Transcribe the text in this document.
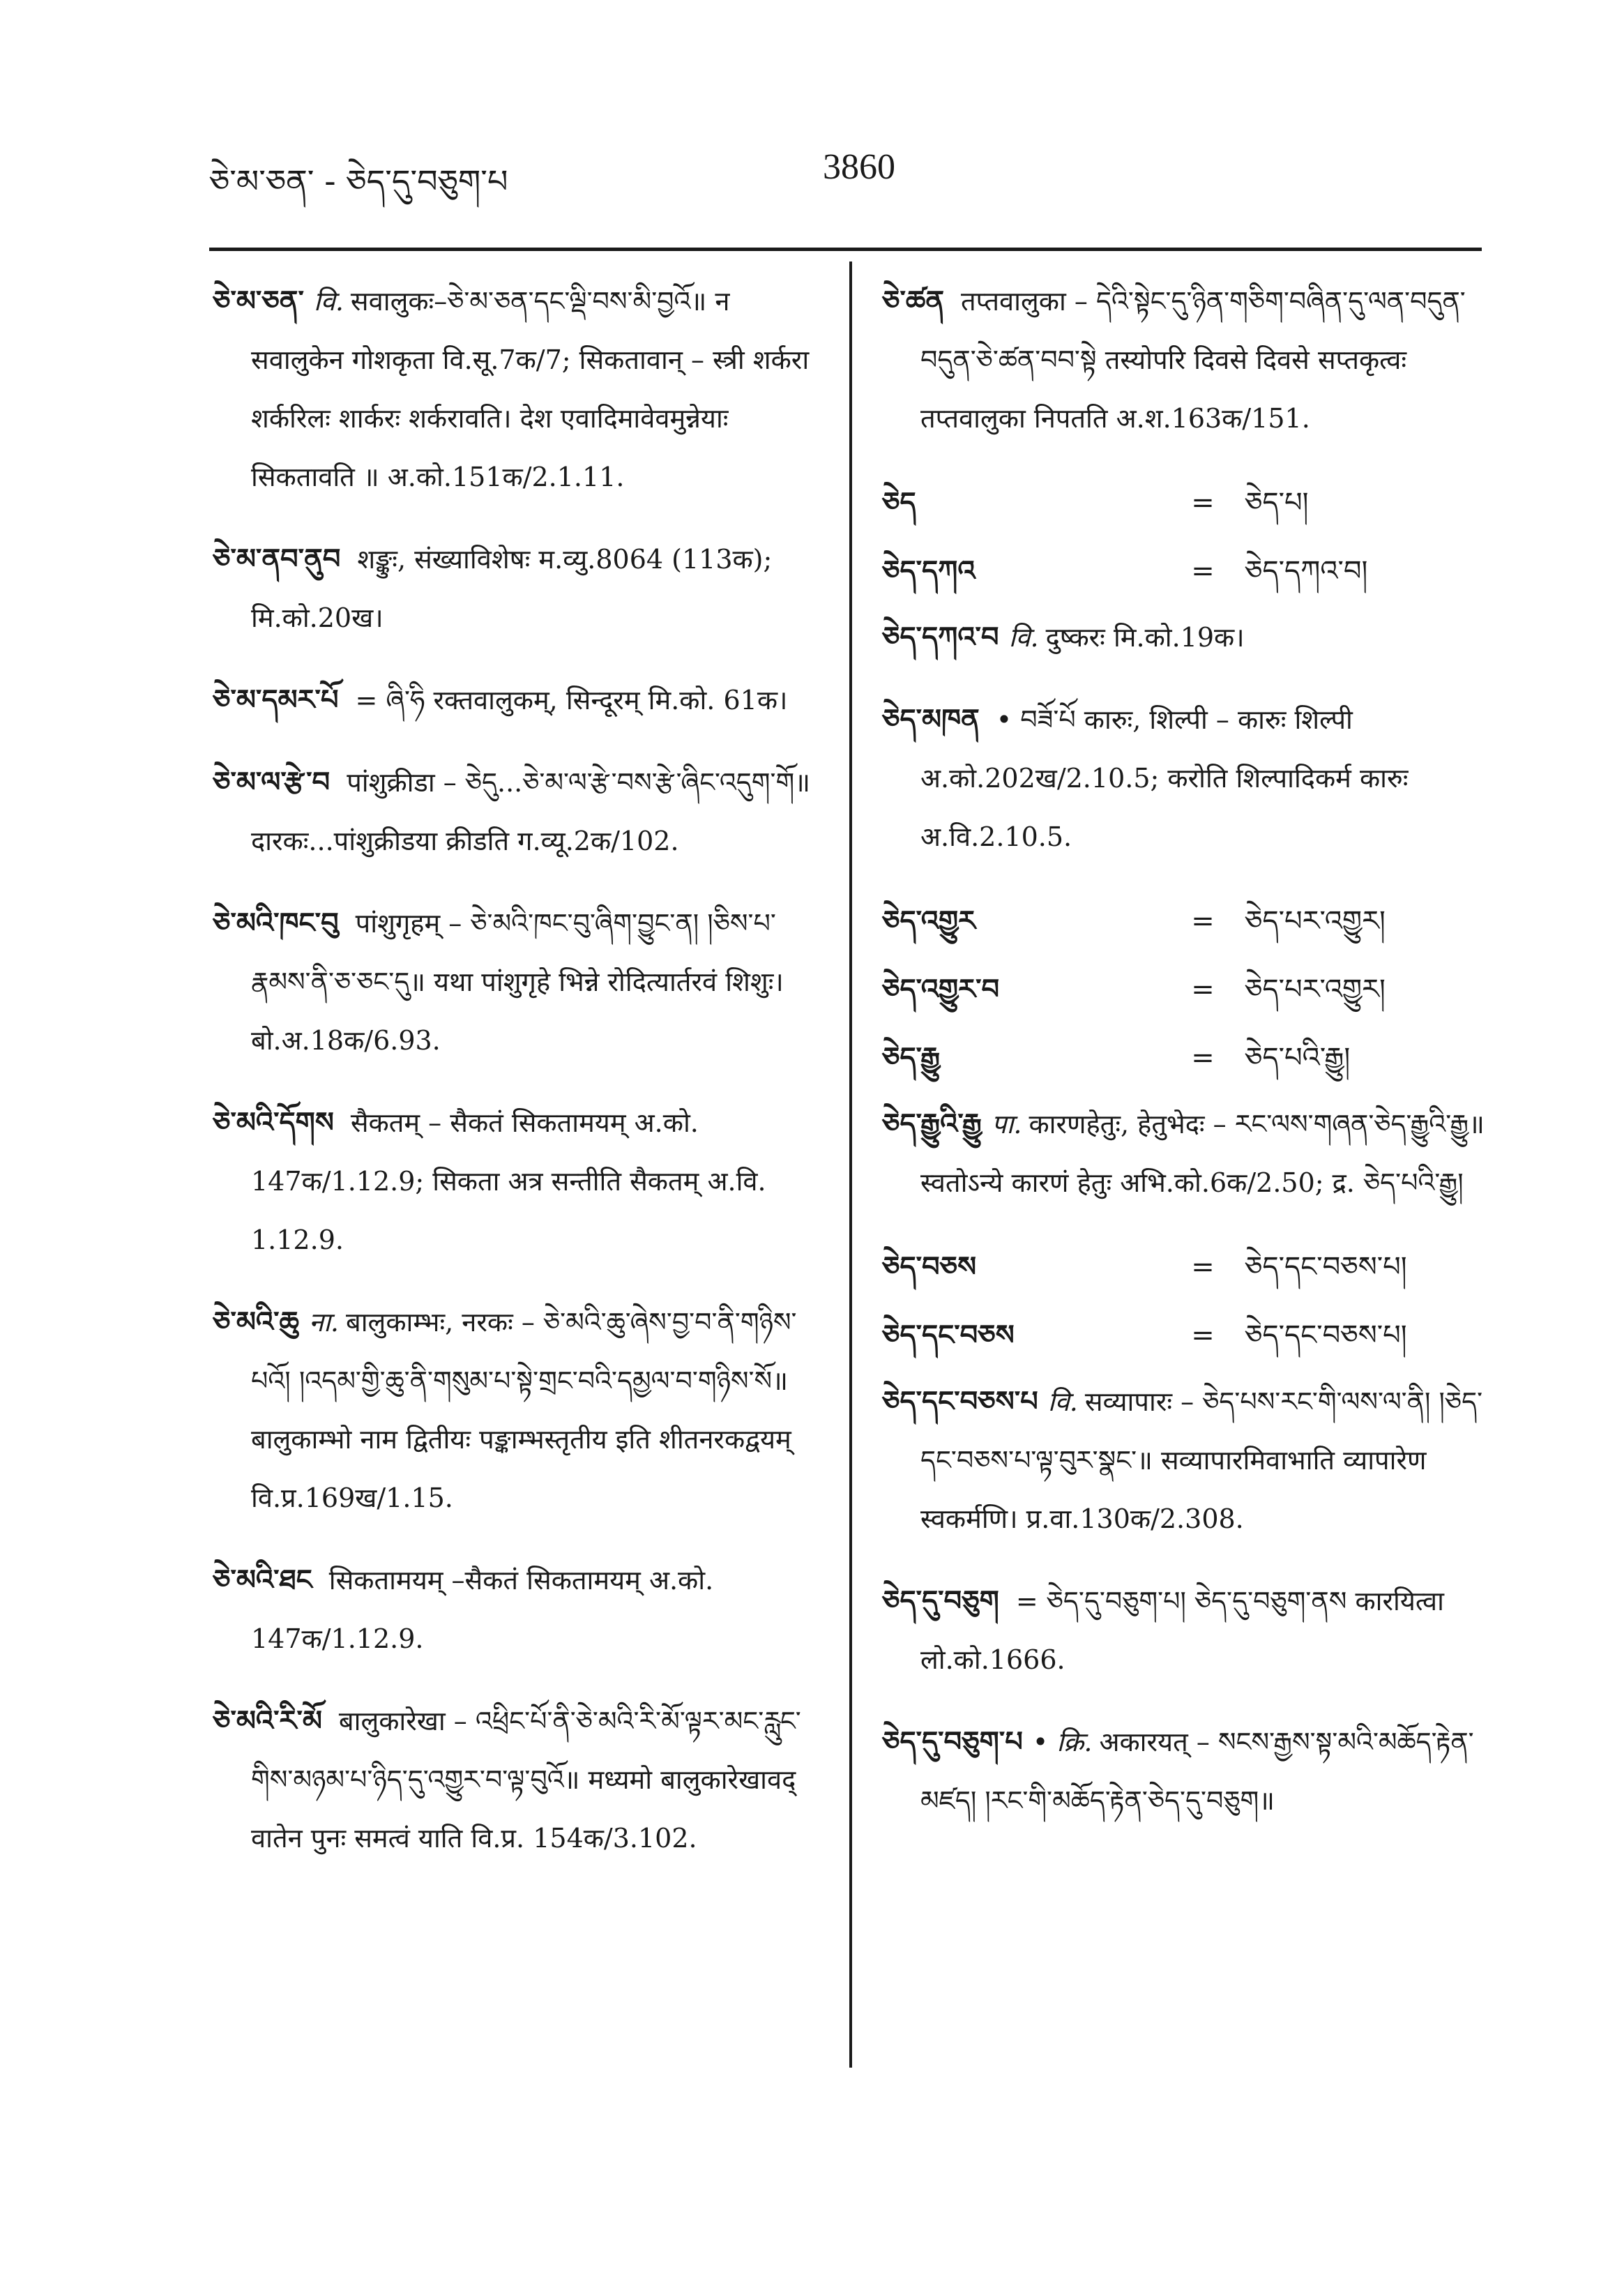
ཅེ་མ་ཅན་ - ཅེད་དུ་བཅུག་པ	3860
ཅེ་མ་ཅན་ वि. सवालुकः–ཅེ་མ་ཅན་དང་ལྡི་བས་མི་བྱའོ॥ न सवालुकेन गोशकृता वि.सू.7क/7; सिकतावान् – स्त्री शर्करा शर्करिलः शार्करः शर्करावति। देश एवादिमावेवमुन्नेयाः सिकतावति ॥ अ.को.151क/2.1.11.
ཅེ་མ་ནབ་ནུབ शङ्कुः, संख्याविशेषः म.व्यु.8064 (113क); मि.को.20ख।
ཅེ་མ་དམར་པོ = ཞི་ཧི रक्तवालुकम्, सिन्दूरम् मि.को. 61क।
ཅེ་མ་ལ་རྩེ་བ पांशुक्रीडा – ཅེདུ...ཅེ་མ་ལ་རྩེ་བས་རྩེ་ཞིང་འདུག་གོ॥ दारकः...पांशुक्रीडया क्रीडति ग.व्यू.2क/102.
ཅེ་མའི་ཁང་བུ पांशुगृहम् – ཅེ་མའི་ཁང་བུ་ཞིག་བྱུང་ན། །ཅིས་པ་རྣམས་ནི་ཅ་ཅང་དུ॥ यथा पांशुगृहे भिन्ने रोदित्यार्तरवं शिशुः। बो.अ.18क/6.93.
ཅེ་མའི་དོགས सैकतम् – सैकतं सिकतामयम् अ.को. 147क/1.12.9; सिकता अत्र सन्तीति सैकतम् अ.वि. 1.12.9.
ཅེ་མའི་ཆུ ना. बालुकाम्भः, नरकः – ཅེ་མའི་ཆུ་ཞེས་བྱ་བ་ནི་གཉིས་པའོ། །འདམ་གྱི་ཆུ་ནི་གསུམ་པ་སྟེ་གྲང་བའི་དམྱལ་བ་གཉིས་སོ॥ बालुकाम्भो नाम द्वितीयः पङ्काम्भस्तृतीय इति शीतनरकद्वयम् वि.प्र.169ख/1.15.
ཅེ་མའི་ཐང सिकतामयम् –सैकतं सिकतामयम् अ.को. 147क/1.12.9.
ཅེ་མའི་རི་མོ बालुकारेखा – འཕྲིང་པོ་ནི་ཅེ་མའི་རི་མོ་ལྟར་མང་རླུང་གིས་མཉམ་པ་ཉིད་དུ་འགྱུར་བ་ལྟ་བུའོ॥ मध्यमो बालुकारेखावद् वातेन पुनः समत्वं याति वि.प्र. 154क/3.102.
ཅེ་ཚན तप्तवालुका – དེའི་སྟེང་དུ་ཉིན་གཅིག་བཞིན་དུ་ལན་བདུན་བདུན་ཅེ་ཚན་བབ་སྟེ तस्योपरि दिवसे दिवसे सप्तकृत्वः तप्तवालुका निपतति अ.श.163क/151.
ཅེད	=	ཅེད་པ།
ཅེད་དཀའ	=	ཅེད་དཀའ་བ།
ཅེད་དཀའ་བ वि. दुष्करः मि.को.19क।
ཅེད་མཁན • བཟོ་པོ कारुः, शिल्पी – कारुः शिल्पी अ.को.202ख/2.10.5; करोति शिल्पादिकर्म कारुः अ.वि.2.10.5.
ཅེད་འགྱུར	=	ཅེད་པར་འགྱུར།
ཅེད་འགྱུར་བ	=	ཅེད་པར་འགྱུར།
ཅེད་རྒྱུ	=	ཅེད་པའི་རྒྱུ།
ཅེད་རྒྱུའི་རྒྱུ पा. कारणहेतुः, हेतुभेदः – རང་ལས་གཞན་ཅེད་རྒྱུའི་རྒྱུ॥ स्वतोऽन्ये कारणं हेतुः अभि.को.6क/2.50; द्र. ཅེད་པའི་རྒྱུ།
ཅེད་བཅས	=	ཅེད་དང་བཅས་པ།
ཅེད་དང་བཅས	=	ཅེད་དང་བཅས་པ།
ཅེད་དང་བཅས་པ वि. सव्यापारः – ཅེད་པས་རང་གི་ལས་ལ་ནི། །ཅེད་དང་བཅས་པ་ལྟ་བུར་སྣང་॥ सव्यापारमिवाभाति व्यापारेण स्वकर्मणि। प्र.वा.130क/2.308.
ཅེད་དུ་བཅུག = ཅེད་དུ་བཅུག་པ། ཅེད་དུ་བཅུག་ནས कारयित्वा लो.को.1666.
ཅེད་དུ་བཅུག་པ • क्रि. अकारयत् – སངས་རྒྱས་སྟ་མའི་མཆོད་རྟེན་མཛད། །རང་གི་མཆོད་རྟེན་ཅེད་དུ་བཅུག॥
